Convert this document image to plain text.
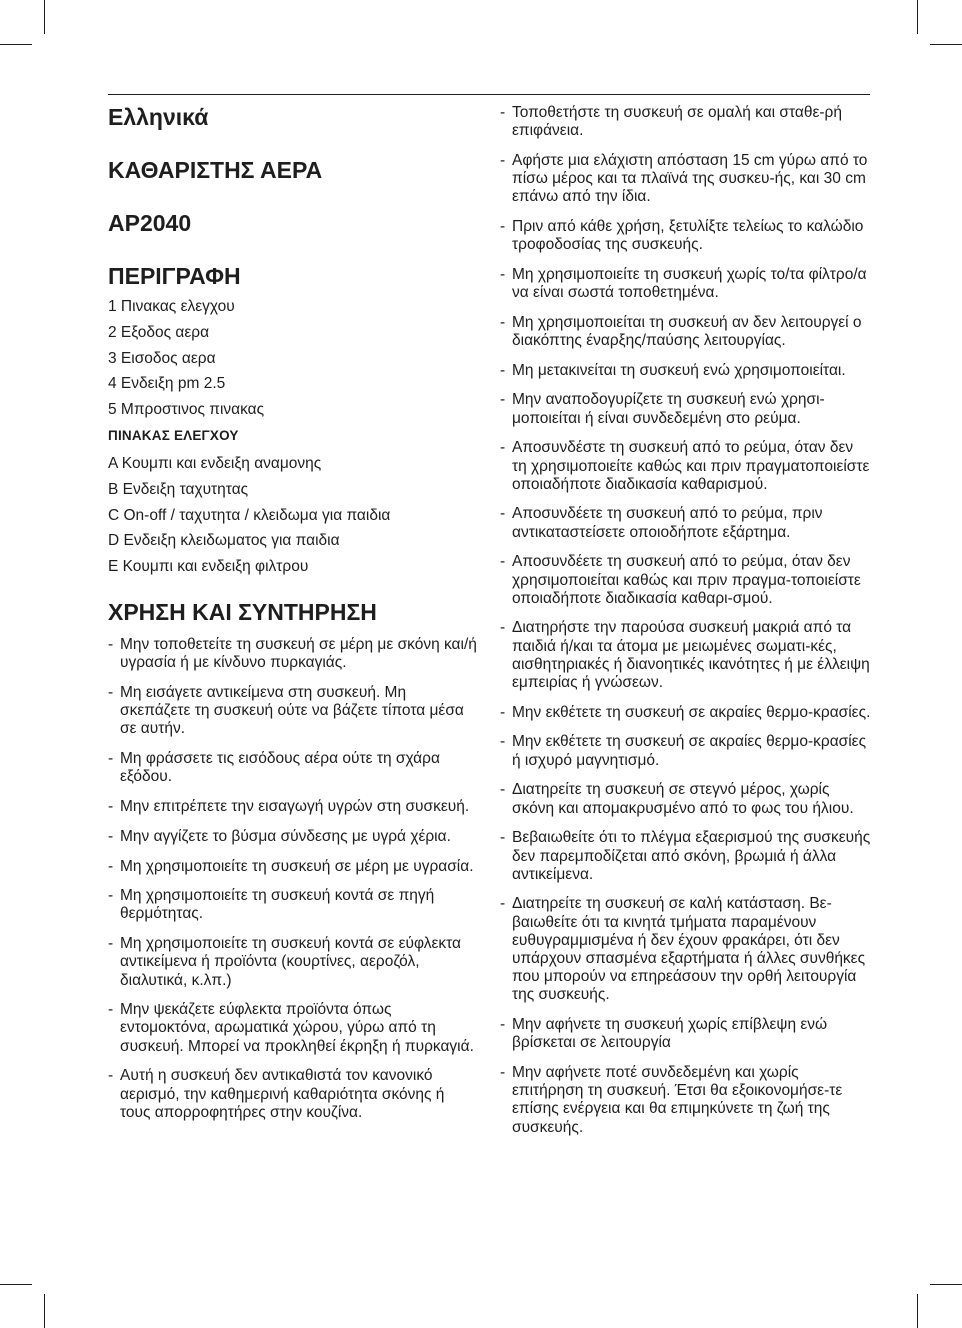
Ελληνικά
ΚΑΘΑΡΙΣΤΗΣ ΑΕΡΑ
AP2040
ΠΕΡΙΓΡΑΦΗ
1 Πινακας ελεγχου
2 Εξοδος αερα
3 Εισοδος αερα
4 Ενδειξη pm 2.5
5 Μπροστινος πινακας
ΠΙΝΑΚΑΣ ΕΛΕΓΧΟΥ
A Κουμπι και ενδειξη αναμονης
B Ενδειξη ταχυτητας
C On-off / ταχυτητα / κλειδωμα για παιδια
D Ενδειξη κλειδωματος για παιδια
E Κουμπι και ενδειξη φιλτρου
ΧΡΗΣΗ ΚΑΙ ΣΥΝΤΗΡΗΣΗ
- Μην τοποθετείτε τη συσκευή σε μέρη με σκόνη και/ή υγρασία ή με κίνδυνο πυρκαγιάς.
- Μη εισάγετε αντικείμενα στη συσκευή. Μη σκεπάζετε τη συσκευή ούτε να βάζετε τίποτα μέσα σε αυτήν.
- Μη φράσσετε τις εισόδους αέρα ούτε τη σχάρα εξόδου.
- Μην επιτρέπετε την εισαγωγή υγρών στη συσκευή.
- Μην αγγίζετε το βύσμα σύνδεσης με υγρά χέρια.
- Μη χρησιμοποιείτε τη συσκευή σε μέρη με υγρασία.
- Μη χρησιμοποιείτε τη συσκευή κοντά σε πηγή θερμότητας.
- Μη χρησιμοποιείτε τη συσκευή κοντά σε εύφλεκτα αντικείμενα ή προϊόντα (κουρτίνες, αεροζόλ, διαλυτικά, κ.λπ.)
- Μην ψεκάζετε εύφλεκτα προϊόντα όπως εντομοκτόνα, αρωματικά χώρου, γύρω από τη συσκευή. Μπορεί να προκληθεί έκρηξη ή πυρκαγιά.
- Αυτή η συσκευή δεν αντικαθιστά τον κανονικό αερισμό, την καθημερινή καθαριότητα σκόνης ή τους απορροφητήρες στην κουζίνα.
- Τοποθετήστε τη συσκευή σε ομαλή και σταθε-ρή επιφάνεια.
- Αφήστε μια ελάχιστη απόσταση 15 cm γύρω από το πίσω μέρος και τα πλαϊνά της συσκευ-ής, και 30 cm επάνω από την ίδια.
- Πριν από κάθε χρήση, ξετυλίξτε τελείως το καλώδιο τροφοδοσίας της συσκευής.
- Μη χρησιμοποιείτε τη συσκευή χωρίς το/τα φίλτρο/α να είναι σωστά τοποθετημένα.
- Μη χρησιμοποιείται τη συσκευή αν δεν λειτουργεί ο διακόπτης έναρξης/παύσης λειτουργίας.
- Μη μετακινείται τη συσκευή ενώ χρησιμοποιείται.
- Μην αναποδογυρίζετε τη συσκευή ενώ χρησι-μοποιείται ή είναι συνδεδεμένη στο ρεύμα.
- Αποσυνδέστε τη συσκευή από το ρεύμα, όταν δεν τη χρησιμοποιείτε καθώς και πριν πραγματοποιείστε οποιαδήποτε διαδικασία καθαρισμού.
- Αποσυνδέετε τη συσκευή από το ρεύμα, πριν αντικαταστείσετε οποιοδήποτε εξάρτημα.
- Αποσυνδέετε τη συσκευή από το ρεύμα, όταν δεν χρησιμοποιείται καθώς και πριν πραγμα-τοποιείστε οποιαδήποτε διαδικασία καθαρι-σμού.
- Διατηρήστε την παρούσα συσκευή μακριά από τα παιδιά ή/και τα άτομα με μειωμένες σωματι-κές, αισθητηριακές ή διανοητικές ικανότητες ή με έλλειψη εμπειρίας ή γνώσεων.
- Μην εκθέτετε τη συσκευή σε ακραίες θερμο-κρασίες.
- Μην εκθέτετε τη συσκευή σε ακραίες θερμο-κρασίες ή ισχυρό μαγνητισμό.
- Διατηρείτε τη συσκευή σε στεγνό μέρος, χωρίς σκόνη και απομακρυσμένο από το φως του ήλιου.
- Βεβαιωθείτε ότι το πλέγμα εξαερισμού της συσκευής δεν παρεμποδίζεται από σκόνη, βρωμιά ή άλλα αντικείμενα.
- Διατηρείτε τη συσκευή σε καλή κατάσταση. Βε-βαιωθείτε ότι τα κινητά τμήματα παραμένουν ευθυγραμμισμένα ή δεν έχουν φρακάρει, ότι δεν υπάρχουν σπασμένα εξαρτήματα ή άλλες συνθήκες που μπορούν να επηρεάσουν την ορθή λειτουργία της συσκευής.
- Μην αφήνετε τη συσκευή χωρίς επίβλεψη ενώ βρίσκεται σε λειτουργία
- Μην αφήνετε ποτέ συνδεδεμένη και χωρίς επιτήρηση τη συσκευή. Έτσι θα εξοικονομήσε-τε επίσης ενέργεια και θα επιμηκύνετε τη ζωή της συσκευής.
